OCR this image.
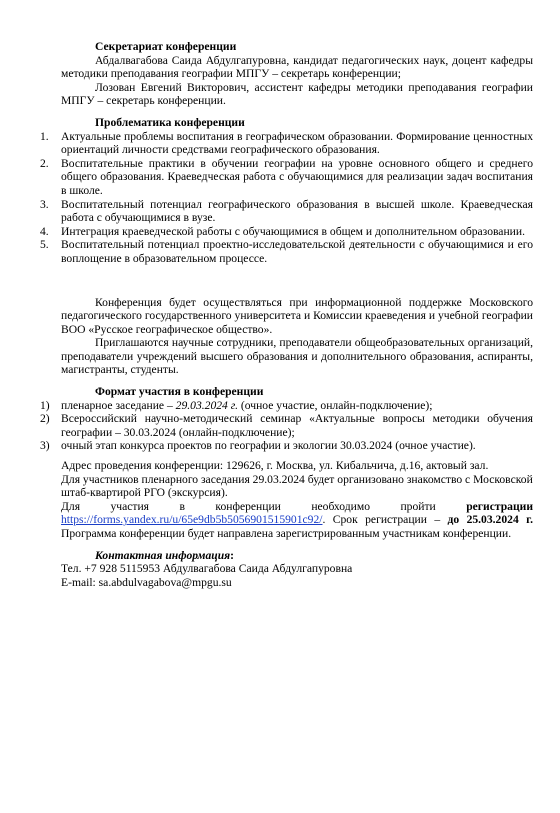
Секретариат конференции

Абдалвагабова Саида Абдулгапуровна, кандидат педагогических наук, доцент кафедры методики преподавания географии МПГУ – секретарь конференции;

Лозован Евгений Викторович, ассистент кафедры методики преподавания географии МПГУ – секретарь конференции.

Проблематика конференции

1. Актуальные проблемы воспитания в географическом образовании. Формирование ценностных ориентаций личности средствами географического образования.
2. Воспитательные практики в обучении географии на уровне основного общего и среднего общего образования. Краеведческая работа с обучающимися для реализации задач воспитания в школе.
3. Воспитательный потенциал географического образования в высшей школе. Краеведческая работа с обучающимися в вузе.
4. Интеграция краеведческой работы с обучающимися в общем и дополнительном образовании.
5. Воспитательный потенциал проектно-исследовательской деятельности с обучающимися и его воплощение в образовательном процессе.

Конференция будет осуществляться при информационной поддержке Московского педагогического государственного университета и Комиссии краеведения и учебной географии ВОО «Русское географическое общество».

Приглашаются научные сотрудники, преподаватели общеобразовательных организаций, преподаватели учреждений высшего образования и дополнительного образования, аспиранты, магистранты, студенты.

Формат участия в конференции

1) пленарное заседание – 29.03.2024 г. (очное участие, онлайн-подключение);
2) Всероссийский научно-методический семинар «Актуальные вопросы методики обучения географии – 30.03.2024 (онлайн-подключение);
3) очный этап конкурса проектов по географии и экологии 30.03.2024 (очное участие).

Адрес проведения конференции: 129626, г. Москва, ул. Кибальчича, д.16, актовый зал.

Для участников пленарного заседания 29.03.2024 будет организовано знакомство с Московской штаб-квартирой РГО (экскурсия).

Для участия в конференции необходимо пройти регистрации https://forms.yandex.ru/u/65e9db5b5056901515901c92/. Срок регистрации – до 25.03.2024 г. Программа конференции будет направлена зарегистрированным участникам конференции.

Контактная информация:

Тел. +7 928 5115953 Абдулвагабова Саида Абдулгапуровна

E-mail: sa.abdulvagabova@mpgu.su
